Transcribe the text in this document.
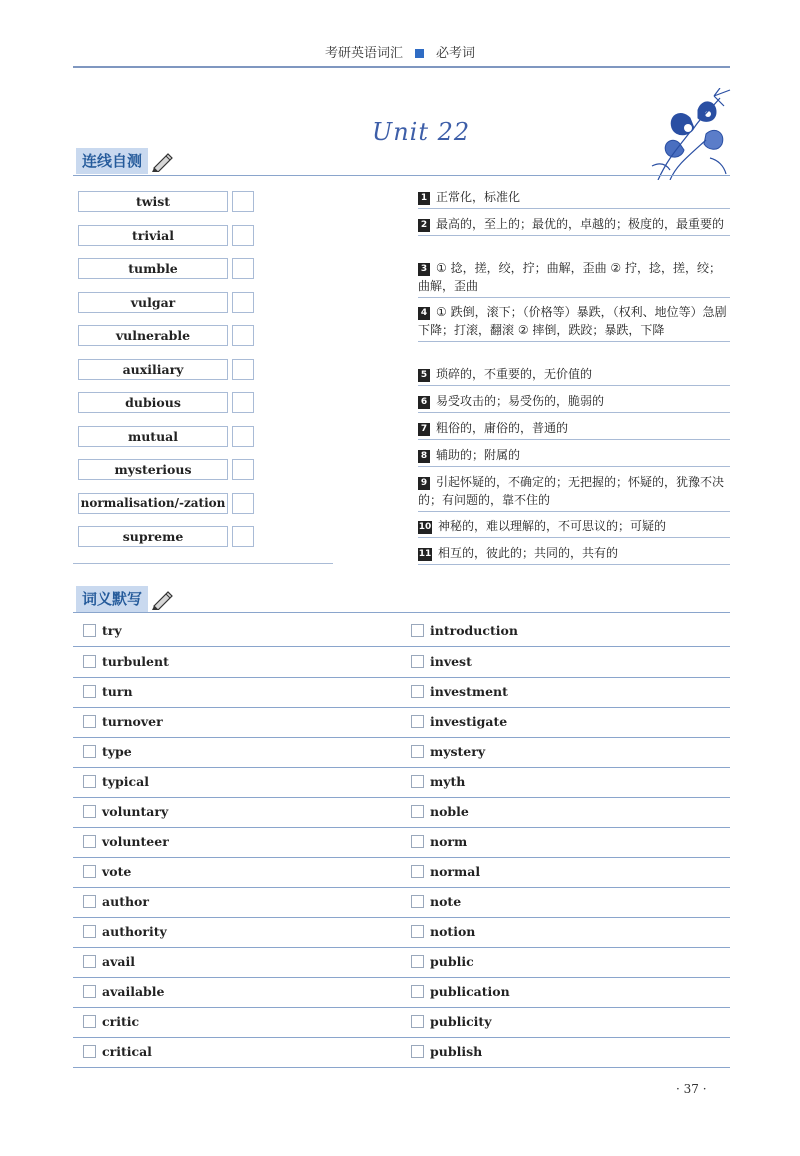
考研英语词汇	必考词
Unit 22
连线自测
twist
trivial
tumble
vulgar
vulnerable
auxiliary
dubious
mutual
mysterious
normalisation/-zation
supreme
1 正常化，标准化
2 最高的，至上的；最优的，卓越的；极度的，最重要的
3 ① 捻，搓，绞，拧；曲解，歪曲 ② 拧，捻，搓，绞；曲解，歪曲
4 ① 跌倒，滚下；（价格等）暴跌，（权利、地位等）急剧下降；打滚，翻滚 ② 摔倒，跌跤；暴跌，下降
5 琐碎的，不重要的，无价值的
6 易受攻击的；易受伤的，脆弱的
7 粗俗的，庸俗的，普通的
8 辅助的；附属的
9 引起怀疑的，不确定的；无把握的；怀疑的，犹豫不决的；有问题的，靠不住的
10 神秘的，难以理解的，不可思议的；可疑的
11 相互的，彼此的；共同的，共有的
词义默写
try	introduction
turbulent	invest
turn	investment
turnover	investigate
type	mystery
typical	myth
voluntary	noble
volunteer	norm
vote	normal
author	note
authority	notion
avail	public
available	publication
critic	publicity
critical	publish
· 37 ·
